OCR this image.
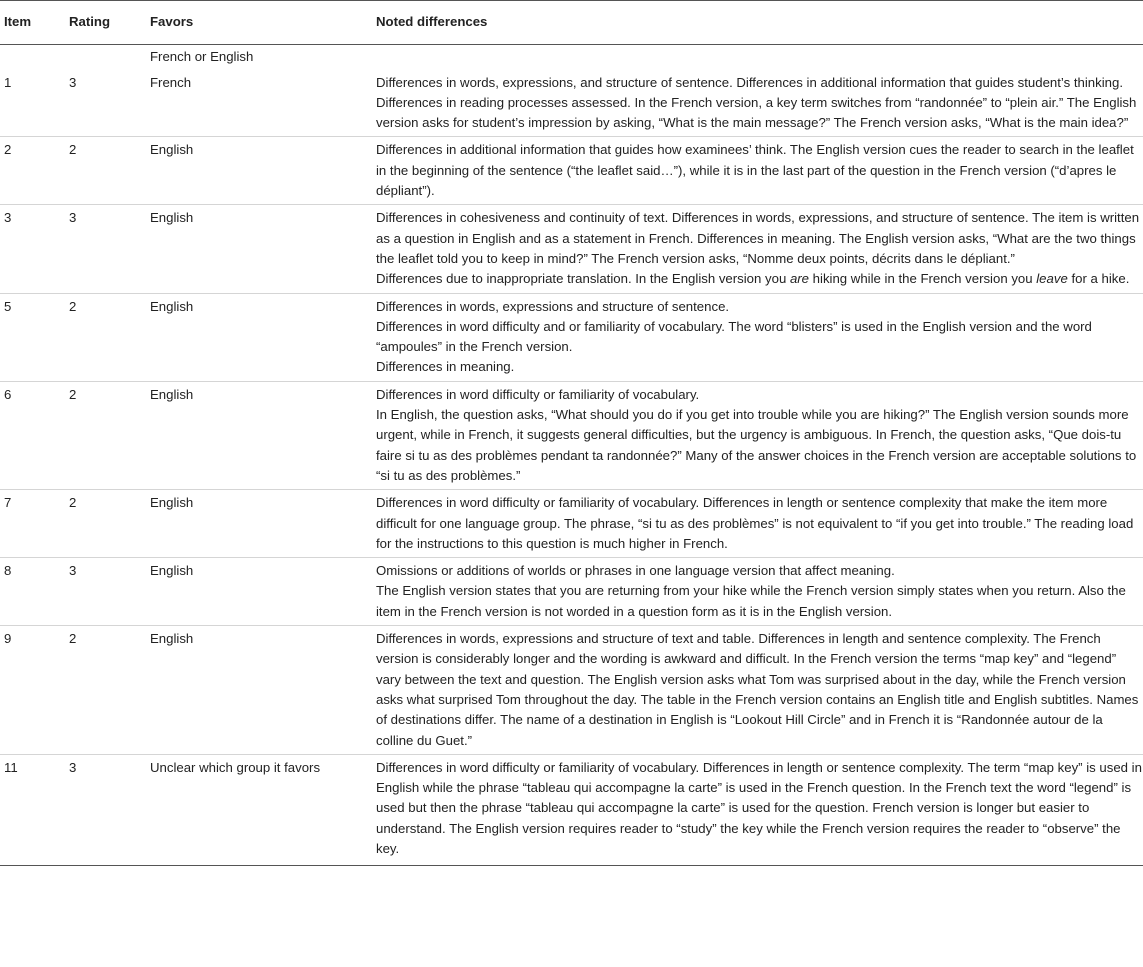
Item	Rating	Favors	Noted differences
		French or English	
1	3	French	Differences in words, expressions, and structure of sentence. Differences in additional information that guides student’s thinking. Differences in reading processes assessed. In the French version, a key term switches from “randonnée” to “plein air.” The English version asks for student’s impression by asking, “What is the main message?” The French version asks, “What is the main idea?”

2	2	English	Differences in additional information that guides how examinees’ think. The English version cues the reader to search in the leaflet in the beginning of the sentence (“the leaflet said…”), while it is in the last part of the question in the French version (“d’apres le dépliant”).

3	3	English	Differences in cohesiveness and continuity of text. Differences in words, expressions, and structure of sentence. The item is written as a question in English and as a statement in French. Differences in meaning. The English version asks, “What are the two things the leaflet told you to keep in mind?” The French version asks, “Nomme deux points, décrits dans le dépliant.”
Differences due to inappropriate translation. In the English version you are hiking while in the French version you leave for a hike.

5	2	English	Differences in words, expressions and structure of sentence.
Differences in word difficulty and or familiarity of vocabulary. The word “blisters” is used in the English version and the word “ampoules” in the French version.
Differences in meaning.

6	2	English	Differences in word difficulty or familiarity of vocabulary.
In English, the question asks, “What should you do if you get into trouble while you are hiking?” The English version sounds more urgent, while in French, it suggests general difficulties, but the urgency is ambiguous. In French, the question asks, “Que dois-tu faire si tu as des problèmes pendant ta randonnée?” Many of the answer choices in the French version are acceptable solutions to “si tu as des problèmes.”

7	2	English	Differences in word difficulty or familiarity of vocabulary. Differences in length or sentence complexity that make the item more difficult for one language group. The phrase, “si tu as des problèmes” is not equivalent to “if you get into trouble.” The reading load for the instructions to this question is much higher in French.

8	3	English	Omissions or additions of worlds or phrases in one language version that affect meaning.
The English version states that you are returning from your hike while the French version simply states when you return. Also the item in the French version is not worded in a question form as it is in the English version.

9	2	English	Differences in words, expressions and structure of text and table. Differences in length and sentence complexity. The French version is considerably longer and the wording is awkward and difficult. In the French version the terms “map key” and “legend” vary between the text and question. The English version asks what Tom was surprised about in the day, while the French version asks what surprised Tom throughout the day. The table in the French version contains an English title and English subtitles. Names of destinations differ. The name of a destination in English is “Lookout Hill Circle” and in French it is “Randonnée autour de la colline du Guet.”

11	3	Unclear which group it favors	Differences in word difficulty or familiarity of vocabulary. Differences in length or sentence complexity. The term “map key” is used in English while the phrase “tableau qui accompagne la carte” is used in the French question. In the French text the word “legend” is used but then the phrase “tableau qui accompagne la carte” is used for the question. French version is longer but easier to understand. The English version requires reader to “study” the key while the French version requires the reader to “observe” the key.
